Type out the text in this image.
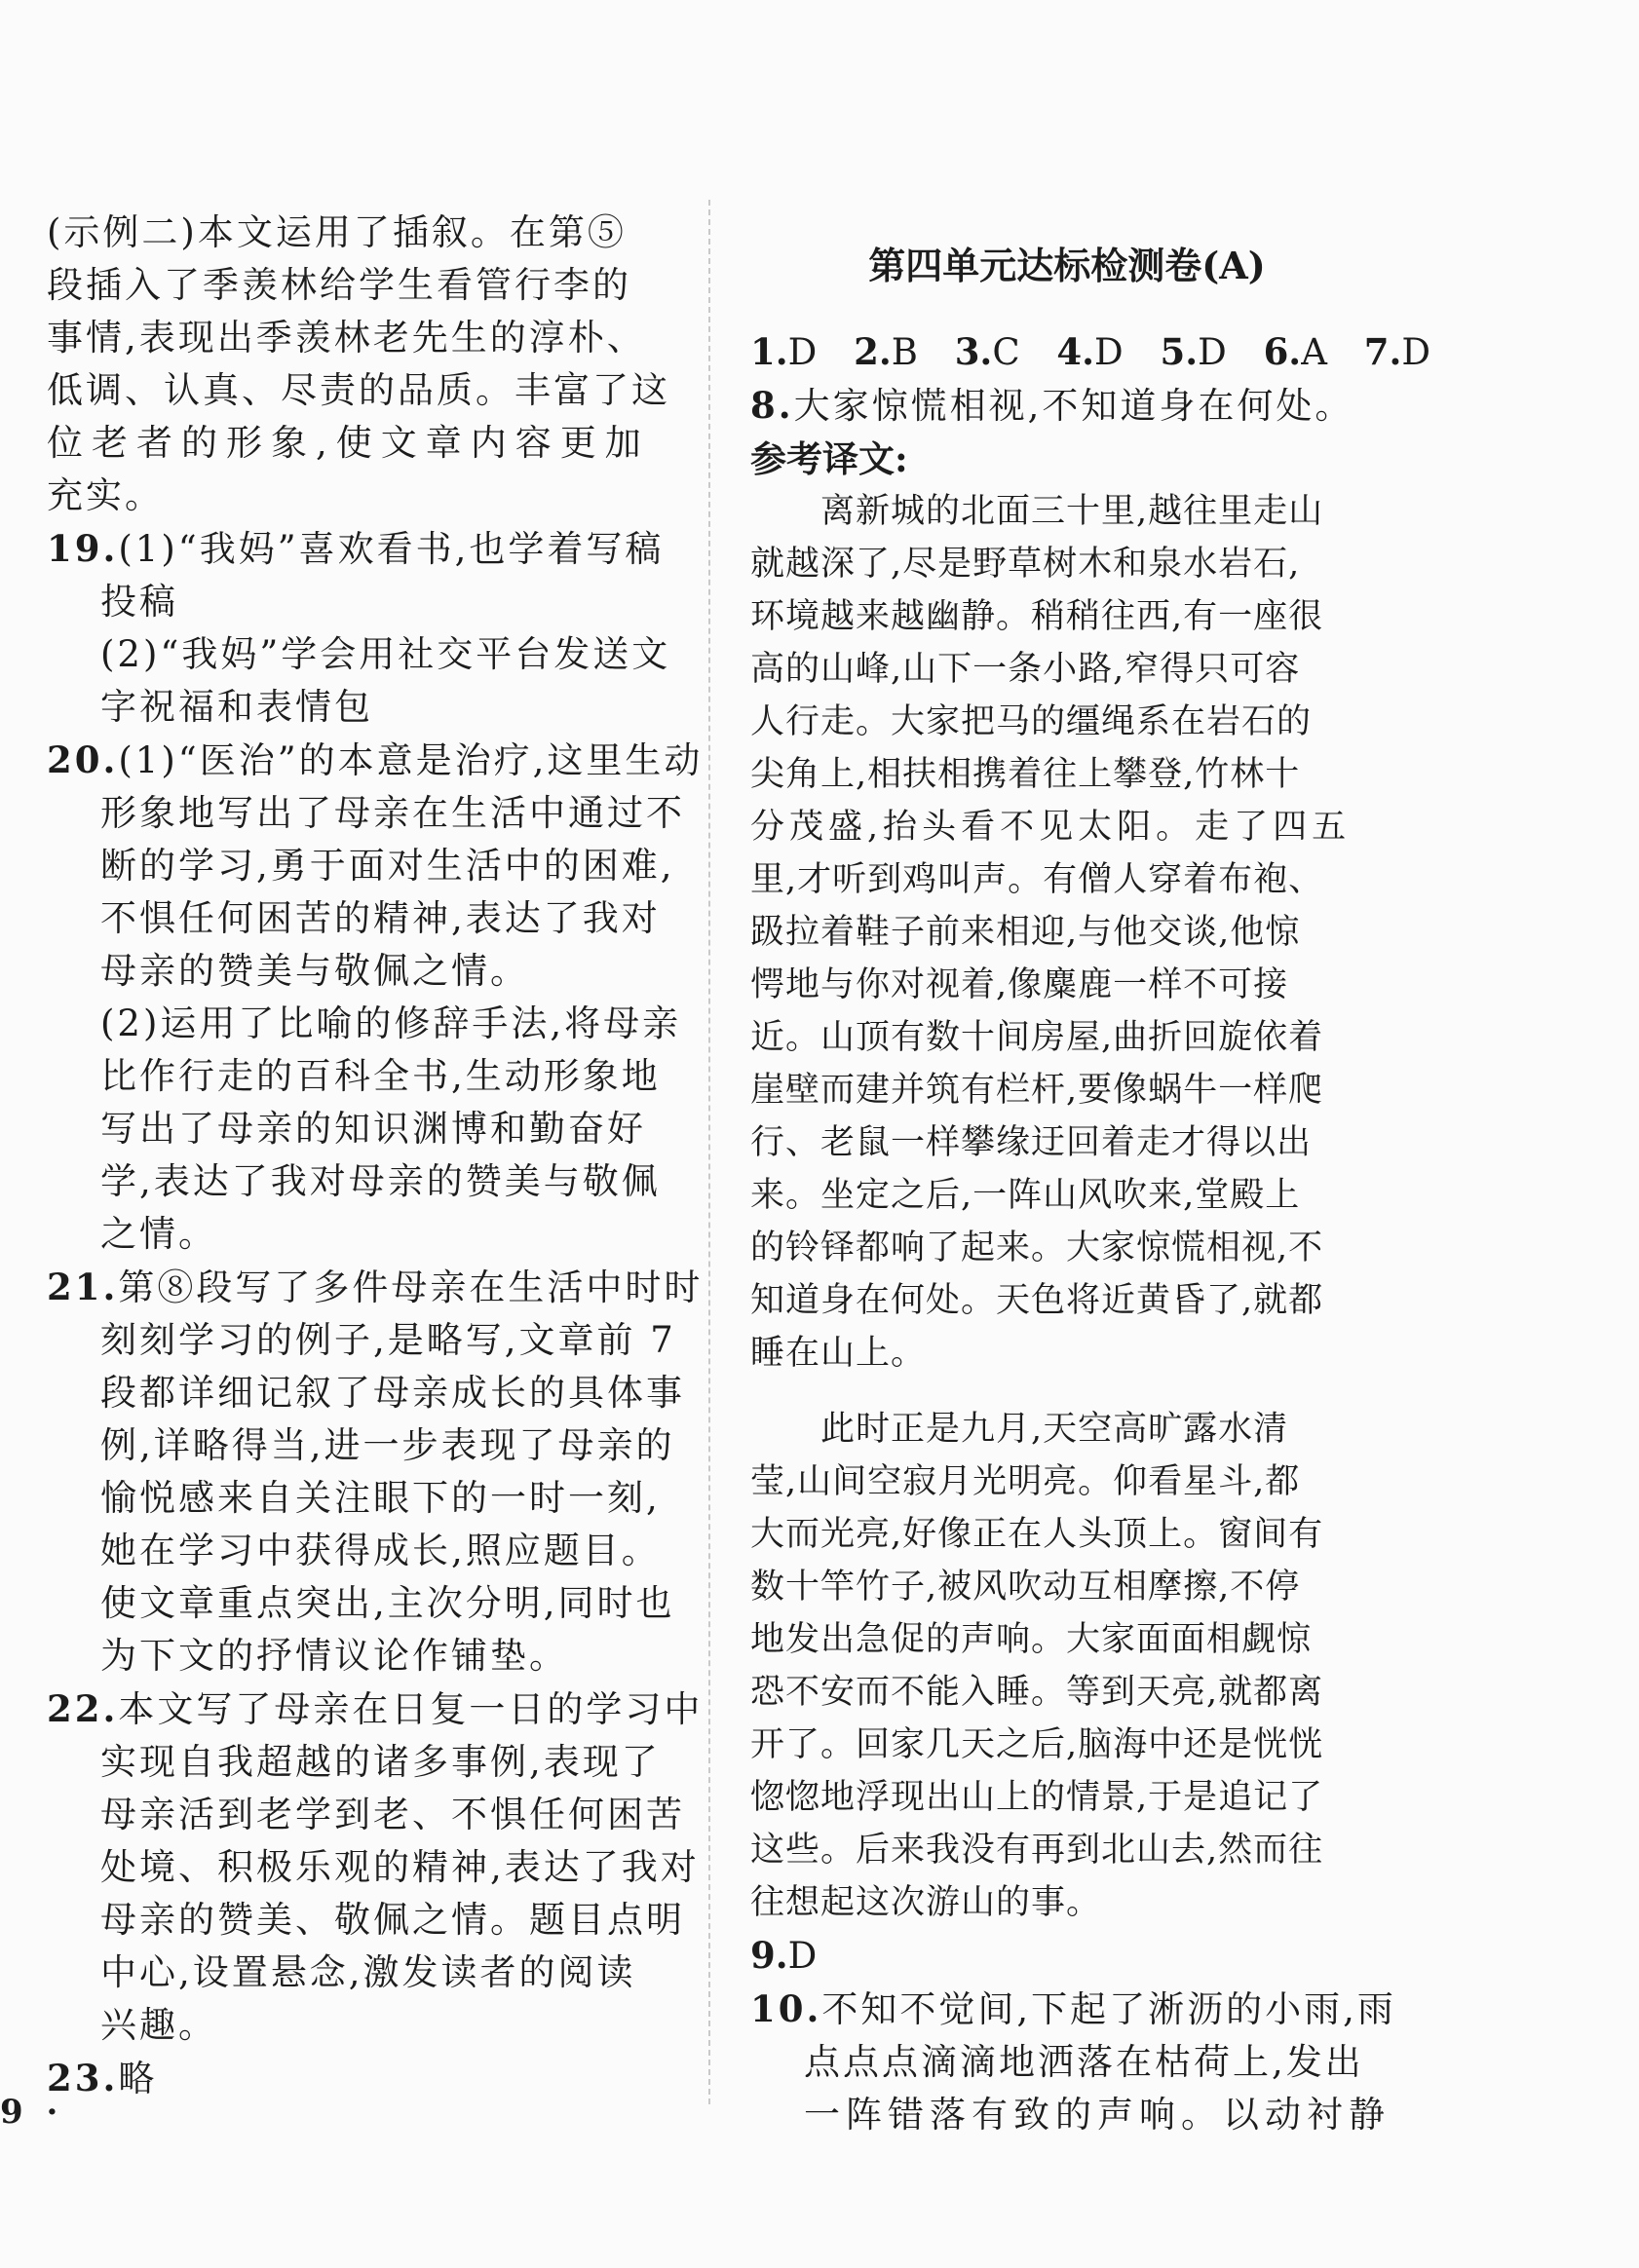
(示例二)本文运用了插叙。在第⑤
段插入了季羡林给学生看管行李的
事情,表现出季羡林老先生的淳朴、
低调、认真、尽责的品质。丰富了这
位老者的形象,使文章内容更加
充实。
19.(1)“我妈”喜欢看书,也学着写稿
投稿
(2)“我妈”学会用社交平台发送文
字祝福和表情包
20.(1)“医治”的本意是治疗,这里生动
形象地写出了母亲在生活中通过不
断的学习,勇于面对生活中的困难,
不惧任何困苦的精神,表达了我对
母亲的赞美与敬佩之情。
(2)运用了比喻的修辞手法,将母亲
比作行走的百科全书,生动形象地
写出了母亲的知识渊博和勤奋好
学,表达了我对母亲的赞美与敬佩
之情。
21.第⑧段写了多件母亲在生活中时时
刻刻学习的例子,是略写,文章前 7
段都详细记叙了母亲成长的具体事
例,详略得当,进一步表现了母亲的
愉悦感来自关注眼下的一时一刻,
她在学习中获得成长,照应题目。
使文章重点突出,主次分明,同时也
为下文的抒情议论作铺垫。
22.本文写了母亲在日复一日的学习中
实现自我超越的诸多事例,表现了
母亲活到老学到老、不惧任何困苦
处境、积极乐观的精神,表达了我对
母亲的赞美、敬佩之情。题目点明
中心,设置悬念,激发读者的阅读
兴趣。
23.略
第四单元达标检测卷(A)
1.D 2.B 3.C 4.D 5.D 6.A 7.D
8.大家惊慌相视,不知道身在何处。
参考译文:
离新城的北面三十里,越往里走山
就越深了,尽是野草树木和泉水岩石,
环境越来越幽静。稍稍往西,有一座很
高的山峰,山下一条小路,窄得只可容
人行走。大家把马的缰绳系在岩石的
尖角上,相扶相携着往上攀登,竹林十
分茂盛,抬头看不见太阳。走了四五
里,才听到鸡叫声。有僧人穿着布袍、
趿拉着鞋子前来相迎,与他交谈,他惊
愕地与你对视着,像麋鹿一样不可接
近。山顶有数十间房屋,曲折回旋依着
崖壁而建并筑有栏杆,要像蜗牛一样爬
行、老鼠一样攀缘迂回着走才得以出
来。坐定之后,一阵山风吹来,堂殿上
的铃铎都响了起来。大家惊慌相视,不
知道身在何处。天色将近黄昏了,就都
睡在山上。
此时正是九月,天空高旷露水清
莹,山间空寂月光明亮。仰看星斗,都
大而光亮,好像正在人头顶上。窗间有
数十竿竹子,被风吹动互相摩擦,不停
地发出急促的声响。大家面面相觑惊
恐不安而不能入睡。等到天亮,就都离
开了。回家几天之后,脑海中还是恍恍
惚惚地浮现出山上的情景,于是追记了
这些。后来我没有再到北山去,然而往
往想起这次游山的事。
9.D
10.不知不觉间,下起了淅沥的小雨,雨
点点点滴滴地洒落在枯荷上,发出
一阵错落有致的声响。以动衬静
9 ·
